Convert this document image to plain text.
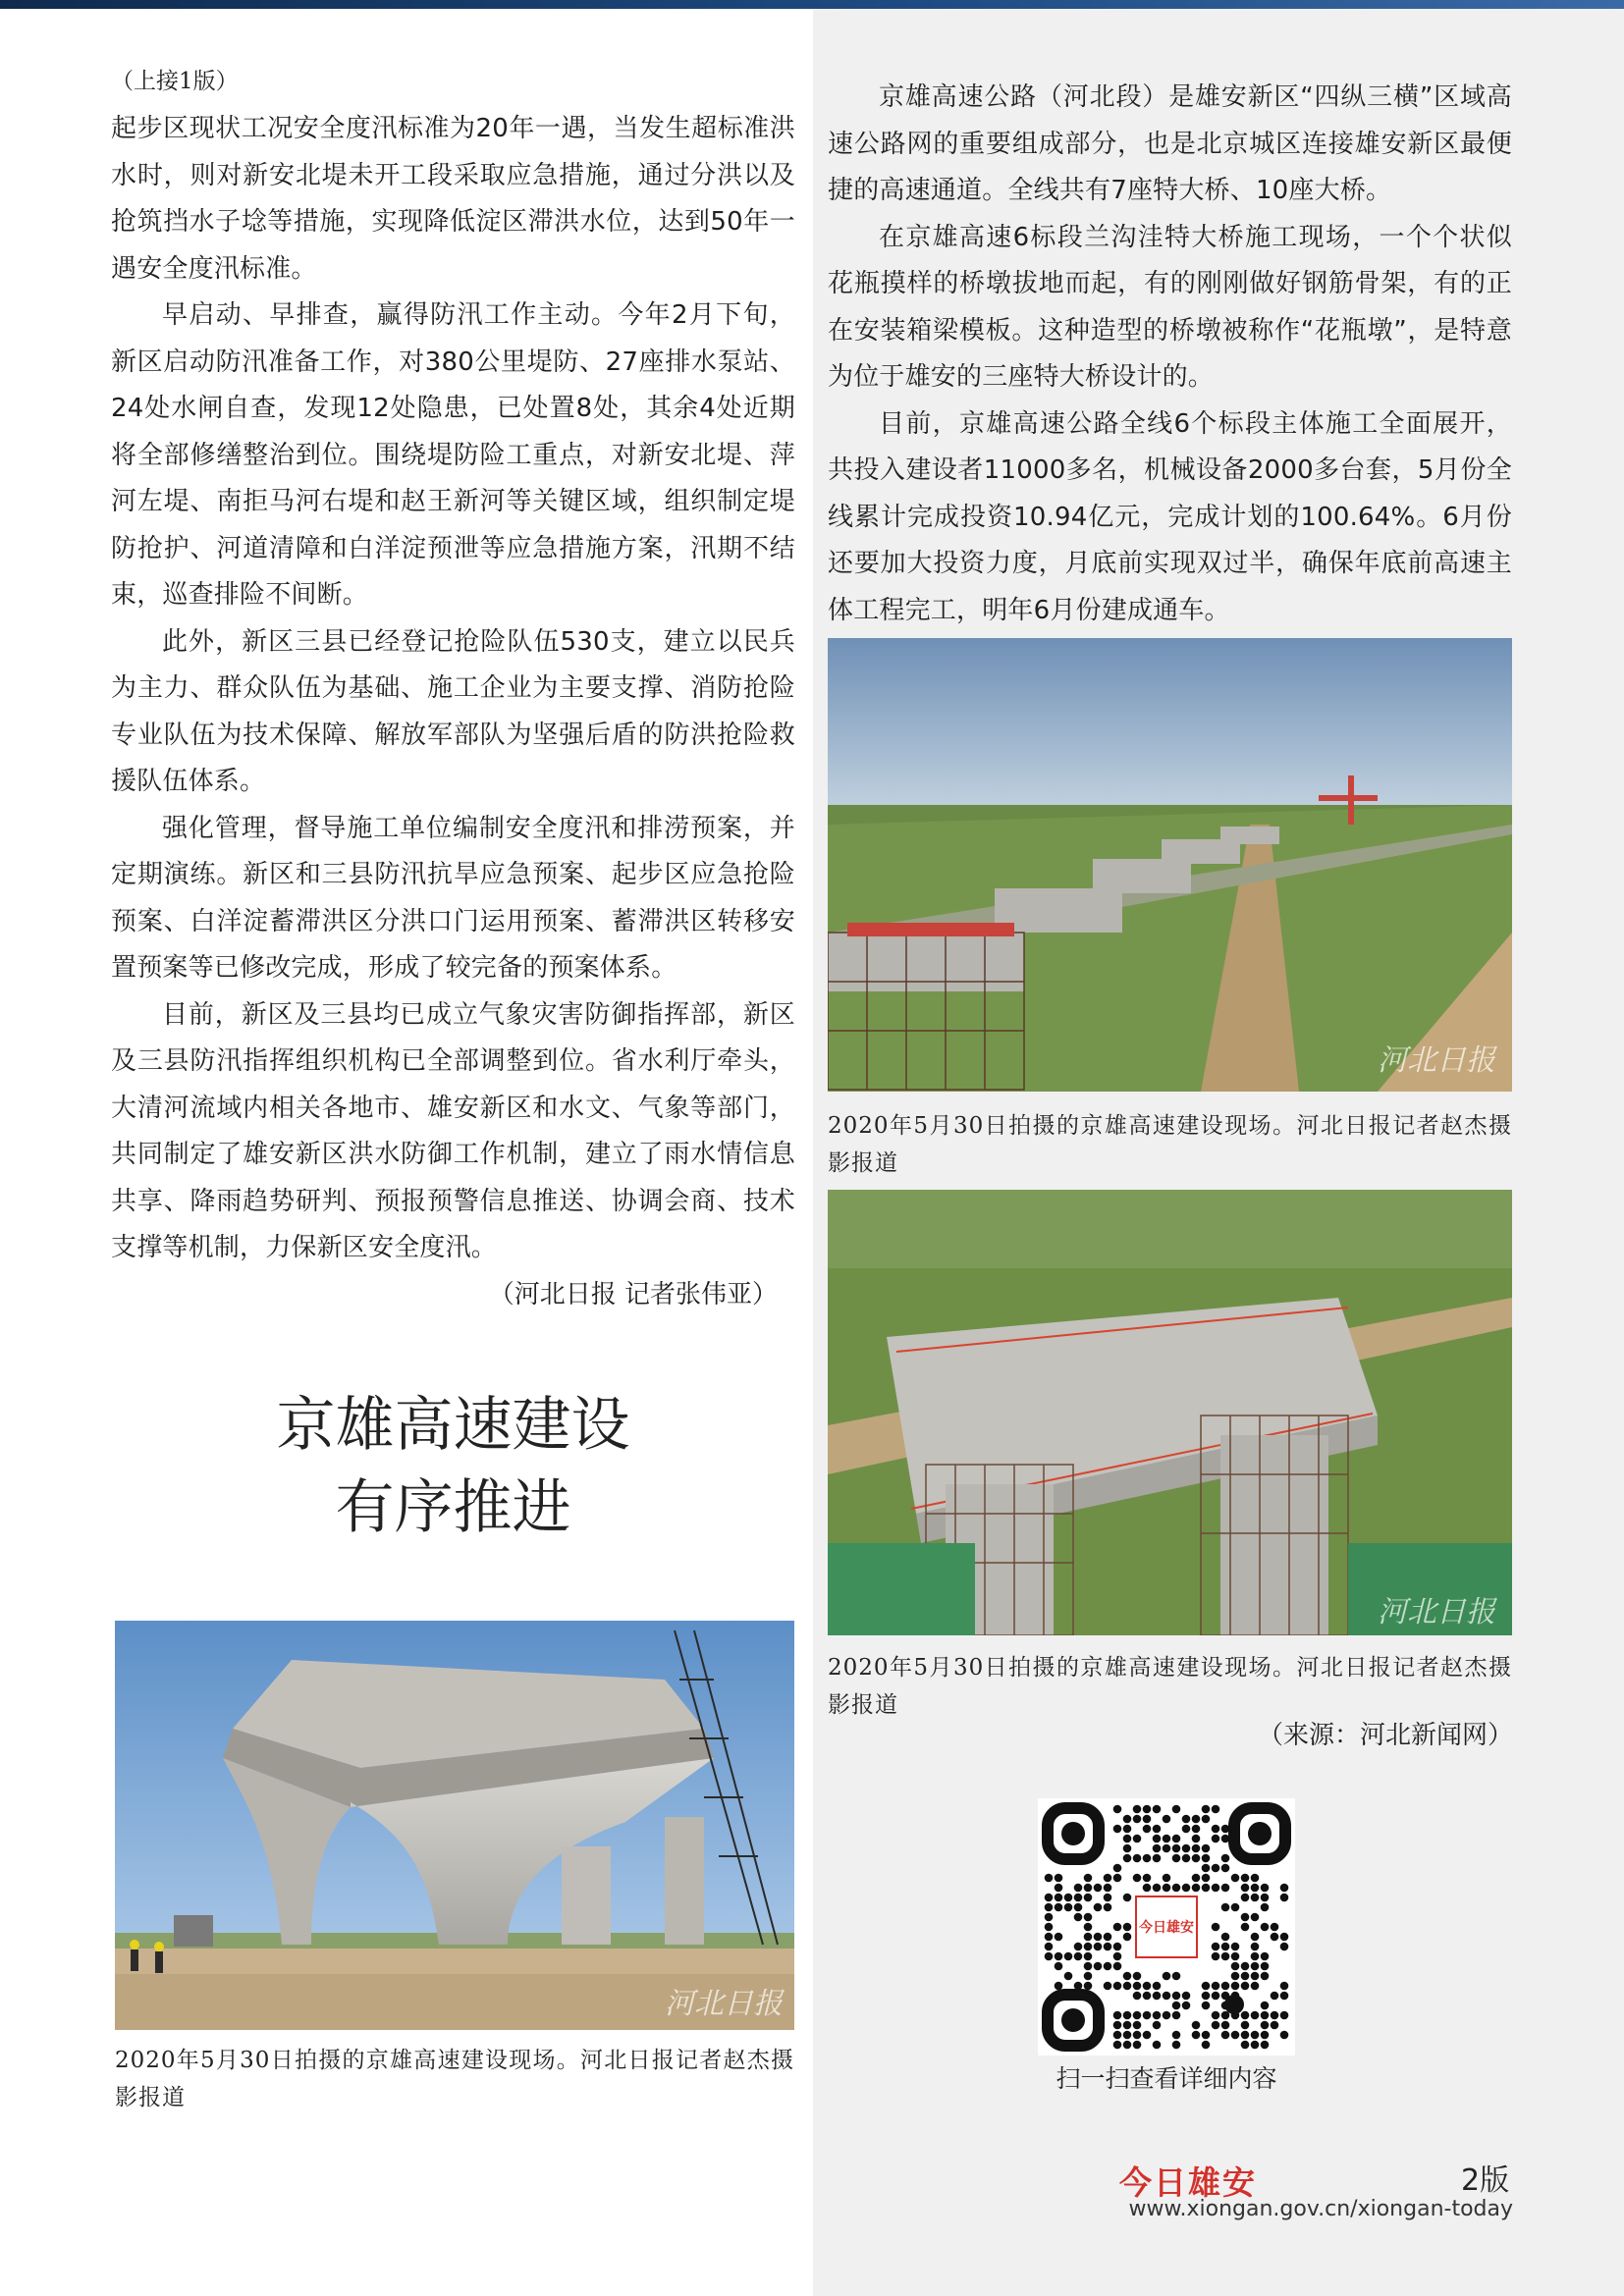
（上接1版）

起步区现状工况安全度汛标准为20年一遇，当发生超标准洪水时，则对新安北堤未开工段采取应急措施，通过分洪以及抢筑挡水子埝等措施，实现降低淀区滞洪水位，达到50年一遇安全度汛标准。

早启动、早排查，赢得防汛工作主动。今年2月下旬，新区启动防汛准备工作，对380公里堤防、27座排水泵站、24处水闸自查，发现12处隐患，已处置8处，其余4处近期将全部修缮整治到位。围绕堤防险工重点，对新安北堤、萍河左堤、南拒马河右堤和赵王新河等关键区域，组织制定堤防抢护、河道清障和白洋淀预泄等应急措施方案，汛期不结束，巡查排险不间断。

此外，新区三县已经登记抢险队伍530支，建立以民兵为主力、群众队伍为基础、施工企业为主要支撑、消防抢险专业队伍为技术保障、解放军部队为坚强后盾的防洪抢险救援队伍体系。

强化管理，督导施工单位编制安全度汛和排涝预案，并定期演练。新区和三县防汛抗旱应急预案、起步区应急抢险预案、白洋淀蓄滞洪区分洪口门运用预案、蓄滞洪区转移安置预案等已修改完成，形成了较完备的预案体系。

目前，新区及三县均已成立气象灾害防御指挥部，新区及三县防汛指挥组织机构已全部调整到位。省水利厅牵头，大清河流域内相关各地市、雄安新区和水文、气象等部门，共同制定了雄安新区洪水防御工作机制，建立了雨水情信息共享、降雨趋势研判、预报预警信息推送、协调会商、技术支撑等机制，力保新区安全度汛。

（河北日报 记者张伟亚）

京雄高速建设
有序推进
河北日报
2020年5月30日拍摄的京雄高速建设现场。河北日报记者赵杰摄影报道

京雄高速公路（河北段）是雄安新区“四纵三横”区域高速公路网的重要组成部分，也是北京城区连接雄安新区最便捷的高速通道。全线共有7座特大桥、10座大桥。

在京雄高速6标段兰沟洼特大桥施工现场，一个个状似花瓶摸样的桥墩拔地而起，有的刚刚做好钢筋骨架，有的正在安装箱梁模板。这种造型的桥墩被称作“花瓶墩”，是特意为位于雄安的三座特大桥设计的。

目前，京雄高速公路全线6个标段主体施工全面展开，共投入建设者11000多名，机械设备2000多台套，5月份全线累计完成投资10.94亿元，完成计划的100.64%。6月份还要加大投资力度，月底前实现双过半，确保年底前高速主体工程完工，明年6月份建成通车。

河北日报
2020年5月30日拍摄的京雄高速建设现场。河北日报记者赵杰摄影报道
河北日报
2020年5月30日拍摄的京雄高速建设现场。河北日报记者赵杰摄影报道
（来源：河北新闻网）
今日雄安
扫一扫查看详细内容
今日雄安	2版
www.xiongan.gov.cn/xiongan-today
